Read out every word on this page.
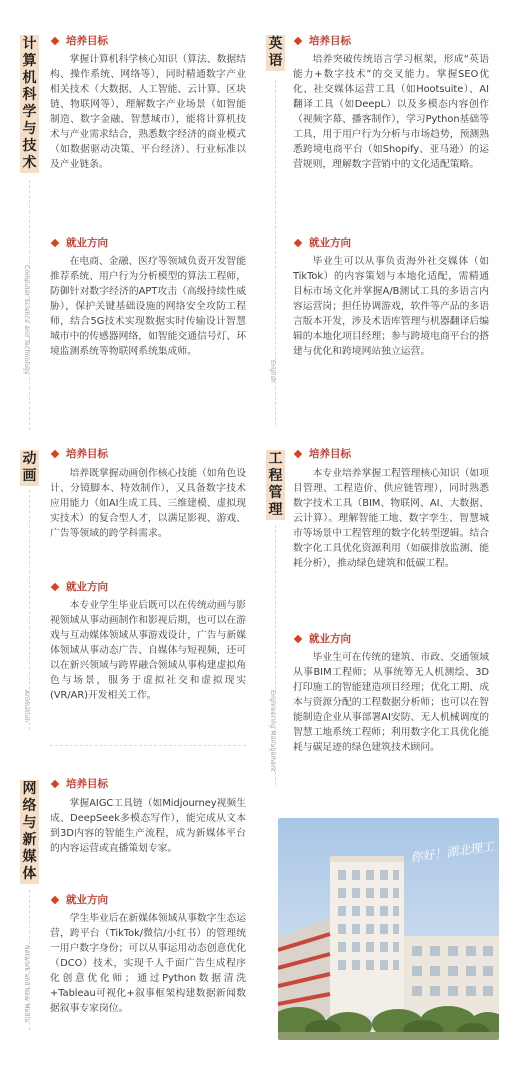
计
算
机
科
学
与
技
术
Computer Science and Technology
培养目标

掌握计算机科学核心知识（算法、数据结构、操作系统、网络等），同时精通数字产业相关技术（大数据、人工智能、云计算、区块链、物联网等），理解数字产业场景（如智能制造、数字金融、智慧城市），能将计算机技术与产业需求结合，熟悉数字经济的商业模式（如数据驱动决策、平台经济）、行业标准以及产业链条。

就业方向

在电商、金融、医疗等领域负责开发智能推荐系统、用户行为分析模型的算法工程师，防御针对数字经济的APT攻击（高级持续性威胁），保护关键基础设施的网络安全攻防工程师，结合5G技术实现数据实时传输设计智慧城市中的传感器网络，如智能交通信号灯、环境监测系统等物联网系统集成师。

英
语
English
培养目标

培养突破传统语言学习框架，形成“英语能力+数字技术”的交叉能力。掌握SEO优化、社交媒体运营工具（如Hootsuite）、AI翻译工具（如DeepL）以及多模态内容创作（视频字幕、播客制作），学习Python基础等工具，用于用户行为分析与市场趋势，预测熟悉跨境电商平台（如Shopify、亚马逊）的运营规则，理解数字营销中的文化适配策略。

就业方向

毕业生可以从事负责海外社交媒体（如TikTok）的内容策划与本地化适配，需精通目标市场文化并掌握A/B测试工具的多语言内容运营岗；担任协调游戏，软件等产品的多语言版本开发，涉及术语库管理与机器翻译后编辑的本地化项目经理；参与跨境电商平台的搭建与优化和跨境网站独立运营。

动
画
Animation
培养目标

培养既掌握动画创作核心技能（如角色设计、分镜脚本、特效制作），又具备数字技术应用能力（如AI生成工具、三维建模、虚拟现实技术）的复合型人才，以满足影视、游戏、广告等领域的跨学科需求。

就业方向

本专业学生毕业后既可以在传统动画与影视领域从事动画制作和影视后期，也可以在游戏与互动媒体领域从事游戏设计，广告与新媒体领域从事动态广告、自媒体与短视频，还可以在新兴领域与跨界融合领域从事构建虚拟角色与场景，服务于虚拟社交和虚拟现实(VR/AR)开发相关工作。

工
程
管
理
Engineering Management
培养目标

本专业培养掌握工程管理核心知识（如项目管理、工程造价、供应链管理），同时熟悉数字技术工具（BIM、物联网、AI、大数据、云计算）。理解智能工地、数字孪生、智慧城市等场景中工程管理的数字化转型逻辑。结合数字化工具优化资源利用（如碳排放监测、能耗分析），推动绿色建筑和低碳工程。

就业方向

毕业生可在传统的建筑、市政、交通领域从事BIM工程师；从事统筹无人机测绘、3D打印施工的智能建造项目经理；优化工期、成本与资源分配的工程数据分析师；也可以在智能制造企业从事部署AI安防、无人机械调度的智慧工地系统工程师；利用数字化工具优化能耗与碳足迹的绿色建筑技术顾问。

网
络
与
新
媒
体
Network and New Media
培养目标

掌握AIGC工具链（如Midjourney视频生成、DeepSeek多模态写作），能完成从文本到3D内容的智能生产流程，成为新媒体平台的内容运营或直播策划专家。

就业方向

学生毕业后在新媒体领域从事数字生态运营，跨平台（TikTok/微信/小红书）的管理统一用户数字身份；可以从事运用动态创意优化（DCO）技术，实现千人千面广告生成程序化创意优化师；通过Python数据清洗+Tableau可视化+叙事框架构建数据新闻数据叙事专家岗位。

你好！湖北理工
